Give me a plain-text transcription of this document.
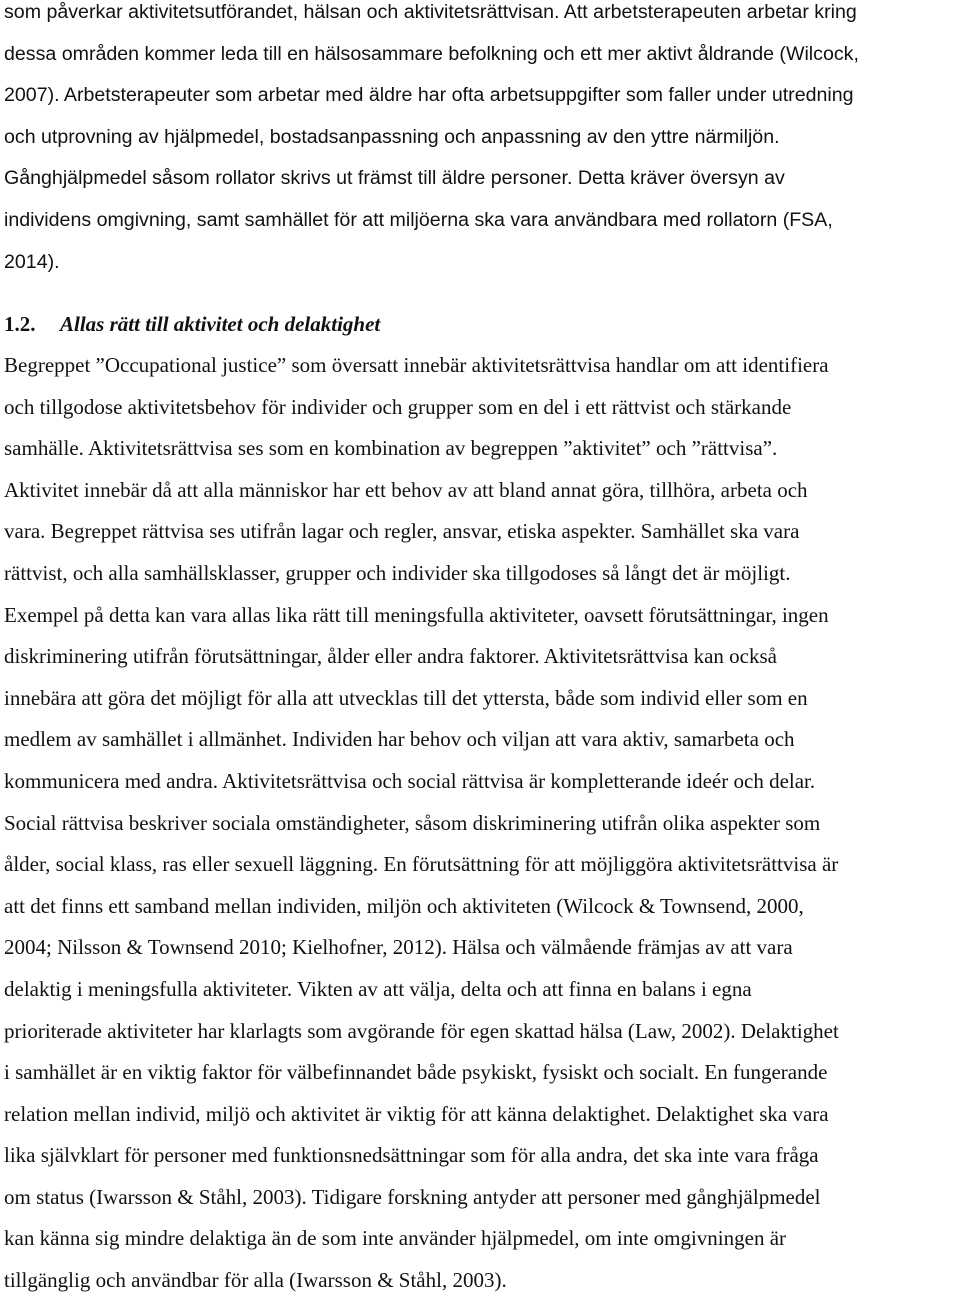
som påverkar aktivitetsutförandet, hälsan och aktivitetsrättvisan. Att arbetsterapeuten arbetar kring
dessa områden kommer leda till en hälsosammare befolkning och ett mer aktivt åldrande (Wilcock,
2007). Arbetsterapeuter som arbetar med äldre har ofta arbetsuppgifter som faller under utredning
och utprovning av hjälpmedel, bostadsanpassning och anpassning av den yttre närmiljön.
Gånghjälpmedel såsom rollator skrivs ut främst till äldre personer. Detta kräver översyn av
individens omgivning, samt samhället för att miljöerna ska vara användbara med rollatorn (FSA,
2014).
1.2. Allas rätt till aktivitet och delaktighet
Begreppet ”Occupational justice” som översatt innebär aktivitetsrättvisa handlar om att identifiera
och tillgodose aktivitetsbehov för individer och grupper som en del i ett rättvist och stärkande
samhälle. Aktivitetsrättvisa ses som en kombination av begreppen ”aktivitet” och ”rättvisa”.
Aktivitet innebär då att alla människor har ett behov av att bland annat göra, tillhöra, arbeta och
vara. Begreppet rättvisa ses utifrån lagar och regler, ansvar, etiska aspekter. Samhället ska vara
rättvist, och alla samhällsklasser, grupper och individer ska tillgodoses så långt det är möjligt.
Exempel på detta kan vara allas lika rätt till meningsfulla aktiviteter, oavsett förutsättningar, ingen
diskriminering utifrån förutsättningar, ålder eller andra faktorer. Aktivitetsrättvisa kan också
innebära att göra det möjligt för alla att utvecklas till det yttersta, både som individ eller som en
medlem av samhället i allmänhet. Individen har behov och viljan att vara aktiv, samarbeta och
kommunicera med andra. Aktivitetsrättvisa och social rättvisa är kompletterande ideér och delar.
Social rättvisa beskriver sociala omständigheter, såsom diskriminering utifrån olika aspekter som
ålder, social klass, ras eller sexuell läggning. En förutsättning för att möjliggöra aktivitetsrättvisa är
att det finns ett samband mellan individen, miljön och aktiviteten (Wilcock & Townsend, 2000,
2004; Nilsson & Townsend 2010; Kielhofner, 2012). Hälsa och välmående främjas av att vara
delaktig i meningsfulla aktiviteter. Vikten av att välja, delta och att finna en balans i egna
prioriterade aktiviteter har klarlagts som avgörande för egen skattad hälsa (Law, 2002). Delaktighet
i samhället är en viktig faktor för välbefinnandet både psykiskt, fysiskt och socialt. En fungerande
relation mellan individ, miljö och aktivitet är viktig för att känna delaktighet. Delaktighet ska vara
lika självklart för personer med funktionsnedsättningar som för alla andra, det ska inte vara fråga
om status (Iwarsson & Ståhl, 2003). Tidigare forskning antyder att personer med gånghjälpmedel
kan känna sig mindre delaktiga än de som inte använder hjälpmedel, om inte omgivningen är
tillgänglig och användbar för alla (Iwarsson & Ståhl, 2003).
